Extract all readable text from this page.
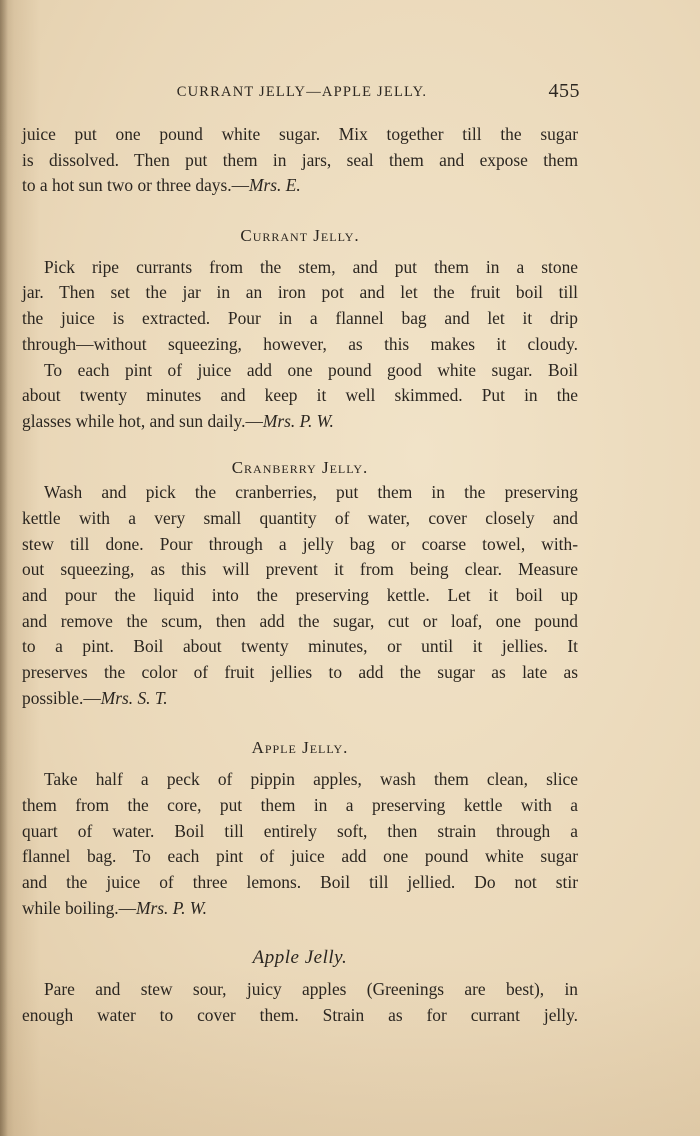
CURRANT JELLY—APPLE JELLY.	455
juice put one pound white sugar. Mix together till the sugar
is dissolved. Then put them in jars, seal them and expose them
to a hot sun two or three days.—Mrs. E.
Currant Jelly.
Pick ripe currants from the stem, and put them in a stone
jar. Then set the jar in an iron pot and let the fruit boil till
the juice is extracted. Pour in a flannel bag and let it drip
through—without squeezing, however, as this makes it cloudy.
To each pint of juice add one pound good white sugar. Boil
about twenty minutes and keep it well skimmed. Put in the
glasses while hot, and sun daily.—Mrs. P. W.
Cranberry Jelly.
Wash and pick the cranberries, put them in the preserving
kettle with a very small quantity of water, cover closely and
stew till done. Pour through a jelly bag or coarse towel, with-
out squeezing, as this will prevent it from being clear. Measure
and pour the liquid into the preserving kettle. Let it boil up
and remove the scum, then add the sugar, cut or loaf, one pound
to a pint. Boil about twenty minutes, or until it jellies. It
preserves the color of fruit jellies to add the sugar as late as
possible.—Mrs. S. T.
Apple Jelly.
Take half a peck of pippin apples, wash them clean, slice
them from the core, put them in a preserving kettle with a
quart of water. Boil till entirely soft, then strain through a
flannel bag. To each pint of juice add one pound white sugar
and the juice of three lemons. Boil till jellied. Do not stir
while boiling.—Mrs. P. W.
Apple Jelly.
Pare and stew sour, juicy apples (Greenings are best), in
enough water to cover them. Strain as for currant jelly.
